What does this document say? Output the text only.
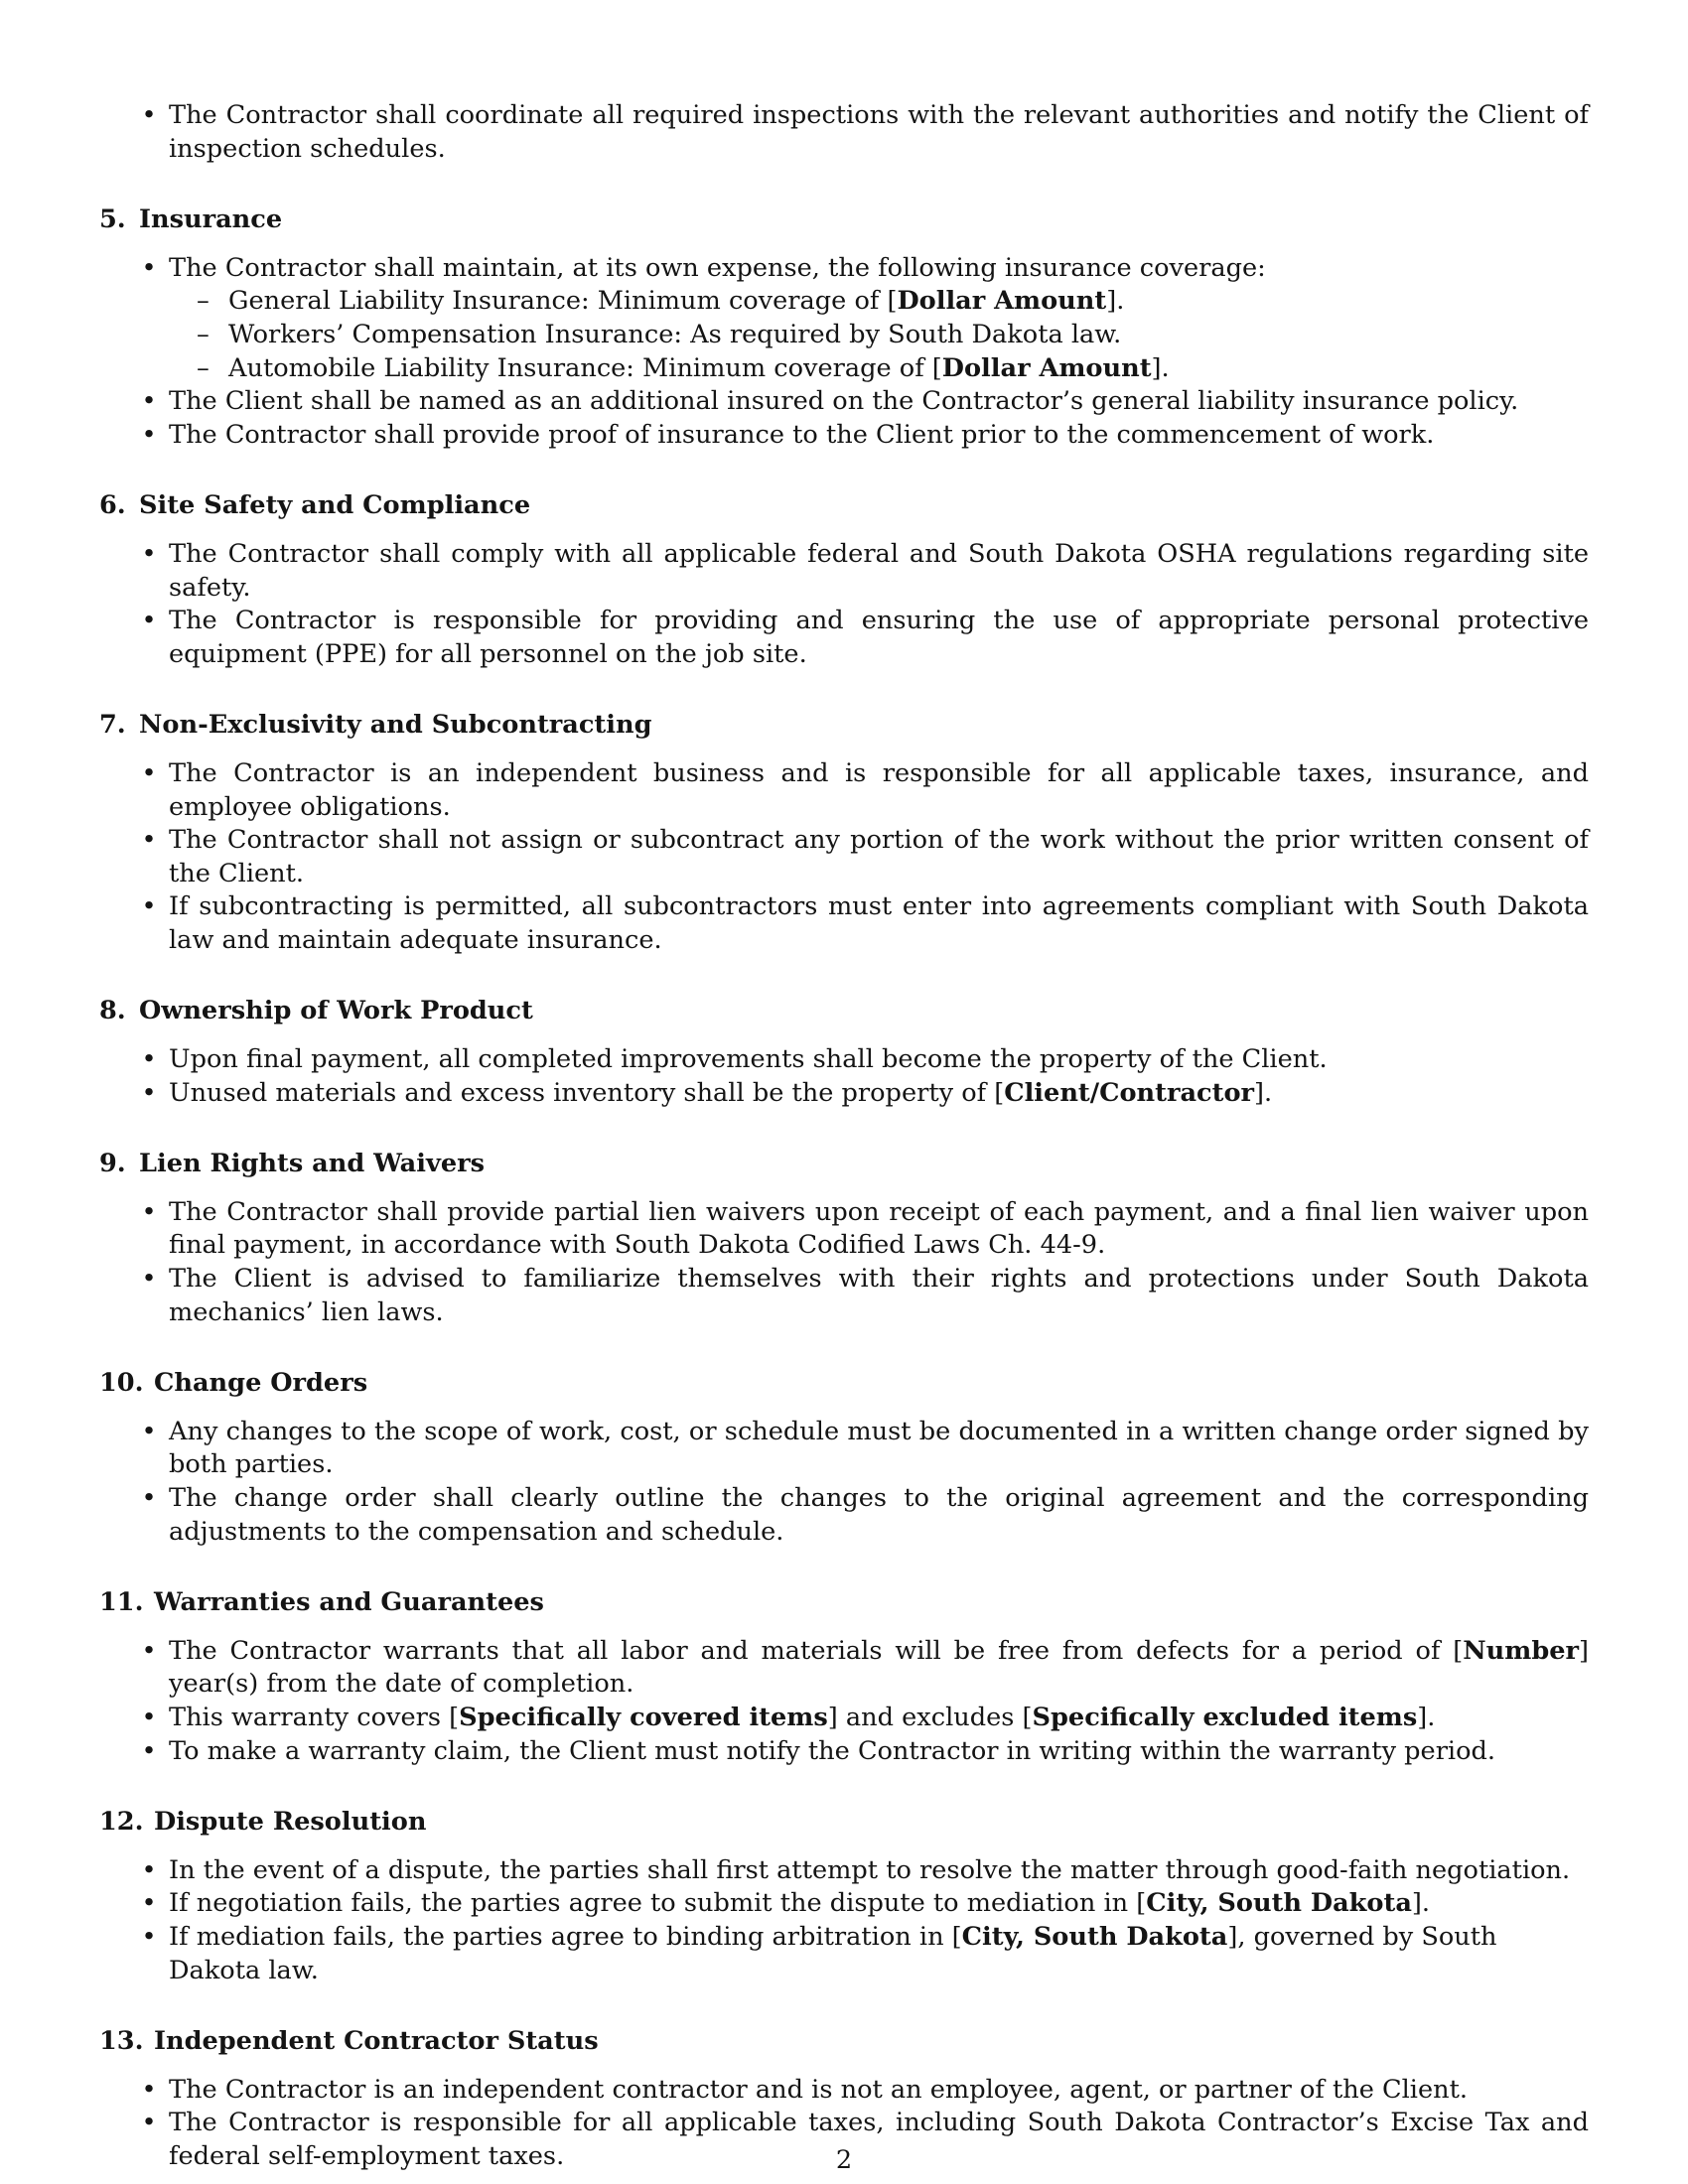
• The Contractor shall coordinate all required inspections with the relevant authorities and notify the Client of inspection schedules.
5. Insurance
• The Contractor shall maintain, at its own expense, the following insurance coverage:
– General Liability Insurance: Minimum coverage of [Dollar Amount].
– Workers’ Compensation Insurance: As required by South Dakota law.
– Automobile Liability Insurance: Minimum coverage of [Dollar Amount].
• The Client shall be named as an additional insured on the Contractor’s general liability insurance policy.
• The Contractor shall provide proof of insurance to the Client prior to the commencement of work.
6. Site Safety and Compliance
• The Contractor shall comply with all applicable federal and South Dakota OSHA regulations regarding site safety.
• The Contractor is responsible for providing and ensuring the use of appropriate personal protective equipment (PPE) for all personnel on the job site.
7. Non-Exclusivity and Subcontracting
• The Contractor is an independent business and is responsible for all applicable taxes, insurance, and employee obligations.
• The Contractor shall not assign or subcontract any portion of the work without the prior written consent of the Client.
• If subcontracting is permitted, all subcontractors must enter into agreements compliant with South Dakota law and maintain adequate insurance.
8. Ownership of Work Product
• Upon final payment, all completed improvements shall become the property of the Client.
• Unused materials and excess inventory shall be the property of [Client/Contractor].
9. Lien Rights and Waivers
• The Contractor shall provide partial lien waivers upon receipt of each payment, and a final lien waiver upon final payment, in accordance with South Dakota Codified Laws Ch. 44-9.
• The Client is advised to familiarize themselves with their rights and protections under South Dakota mechanics’ lien laws.
10. Change Orders
• Any changes to the scope of work, cost, or schedule must be documented in a written change order signed by both parties.
• The change order shall clearly outline the changes to the original agreement and the corresponding adjustments to the compensation and schedule.
11. Warranties and Guarantees
• The Contractor warrants that all labor and materials will be free from defects for a period of [Number] year(s) from the date of completion.
• This warranty covers [Specifically covered items] and excludes [Specifically excluded items].
• To make a warranty claim, the Client must notify the Contractor in writing within the warranty period.
12. Dispute Resolution
• In the event of a dispute, the parties shall first attempt to resolve the matter through good-faith negotiation.
• If negotiation fails, the parties agree to submit the dispute to mediation in [City, South Dakota].
• If mediation fails, the parties agree to binding arbitration in [City, South Dakota], governed by South Dakota law.
13. Independent Contractor Status
• The Contractor is an independent contractor and is not an employee, agent, or partner of the Client.
• The Contractor is responsible for all applicable taxes, including South Dakota Contractor’s Excise Tax and federal self-employment taxes.	2
